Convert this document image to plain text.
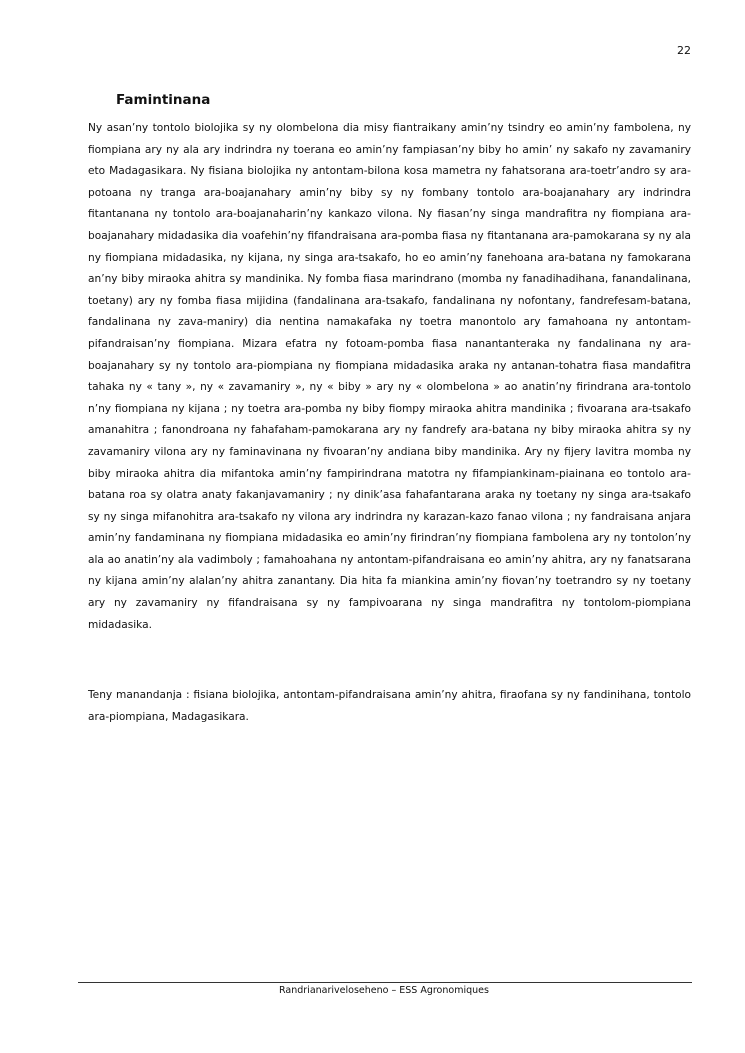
22
Famintinana

Ny asan’ny tontolo biolojika sy ny olombelona dia misy fiantraikany amin’ny tsindry eo amin’ny fambolena, ny fiompiana ary ny ala ary indrindra ny toerana eo amin’ny fampiasan’ny biby ho amin’ ny sakafo ny zavamaniry eto Madagasikara. Ny fisiana biolojika ny antontam-bilona kosa mametra ny fahatsorana ara-toetr’andro sy ara-potoana ny tranga ara-boajanahary amin’ny biby sy ny fombany tontolo ara-boajanahary ary indrindra fitantanana ny tontolo ara-boajanaharin’ny kankazo vilona. Ny fiasan’ny singa mandrafitra ny fiompiana ara-boajanahary midadasika dia voafehin’ny fifandraisana ara-pomba fiasa ny fitantanana ara-pamokarana sy ny ala ny fiompiana midadasika, ny kijana, ny singa ara-tsakafo, ho eo amin’ny fanehoana ara-batana ny famokarana an’ny biby miraoka ahitra sy mandinika. Ny fomba fiasa marindrano (momba ny fanadihadihana, fanandalinana, toetany) ary ny fomba fiasa mijidina (fandalinana ara-tsakafo, fandalinana ny nofontany, fandrefesam-batana, fandalinana ny zava-maniry) dia nentina namakafaka ny toetra manontolo ary famahoana ny antontam-pifandraisan’ny fiompiana. Mizara efatra ny fotoam-pomba fiasa nanantanteraka ny fandalinana ny ara-boajanahary sy ny tontolo ara-piompiana ny fiompiana midadasika araka ny antanan-tohatra fiasa mandafitra tahaka ny « tany », ny « zavamaniry », ny « biby » ary ny « olombelona » ao anatin’ny firindrana ara-tontolo n’ny fiompiana ny kijana ; ny toetra ara-pomba ny biby fiompy miraoka ahitra mandinika ; fivoarana ara-tsakafo amanahitra ; fanondroana ny fahafaham-pamokarana ary ny fandrefy ara-batana ny biby miraoka ahitra sy ny zavamaniry vilona ary ny faminavinana ny fivoaran’ny andiana biby mandinika. Ary ny fijery lavitra momba ny biby miraoka ahitra dia mifantoka amin’ny fampirindrana matotra ny fifampiankinam-piainana eo tontolo ara-batana roa sy olatra anaty fakanjavamaniry ; ny dinik’asa fahafantarana araka ny toetany ny singa ara-tsakafo sy ny singa mifanohitra ara-tsakafo ny vilona ary indrindra ny karazan-kazo fanao vilona ; ny fandraisana anjara amin’ny fandaminana ny fiompiana midadasika eo amin’ny firindran’ny fiompiana fambolena ary ny tontolon’ny ala ao anatin’ny ala vadimboly ; famahoahana ny antontam-pifandraisana eo amin’ny ahitra, ary ny fanatsarana ny kijana amin’ny alalan’ny ahitra zanantany. Dia hita fa miankina amin’ny fiovan’ny toetrandro sy ny toetany ary ny zavamaniry ny fifandraisana sy ny fampivoarana ny singa mandrafitra ny tontolom-piompiana midadasika.

Teny manandanja : fisiana biolojika, antontam-pifandraisana amin’ny ahitra, firaofana sy ny fandinihana, tontolo ara-piompiana, Madagasikara.

Randrianariveloseheno – ESS Agronomiques
